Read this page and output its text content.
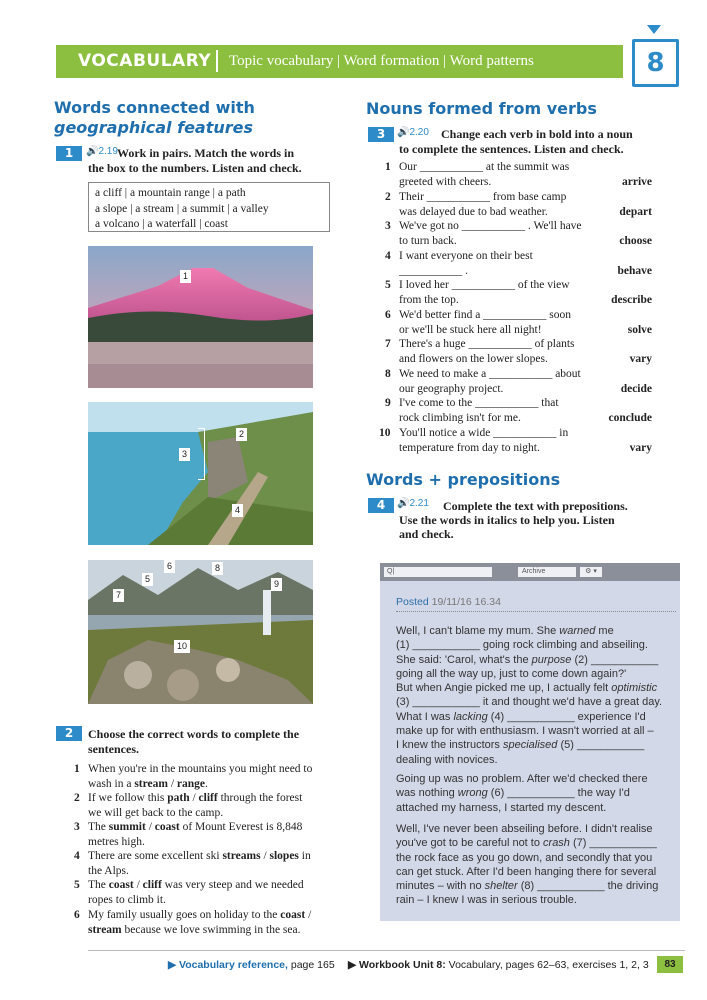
VOCABULARY Topic vocabulary | Word formation | Word patterns	8
Words connected with
geographical features
1	🔊2.19 Work in pairs. Match the words in
the box to the numbers. Listen and check.
a cliff | a mountain range | a path
a slope | a stream | a summit | a valley
a volcano | a waterfall | coast
1
2
3
4
6
5
8
9
7
10
2	Choose the correct words to complete the
sentences.
1 When you're in the mountains you might need to
wash in a stream / range.
2 If we follow this path / cliff through the forest
we will get back to the camp.
3 The summit / coast of Mount Everest is 8,848
metres high.
4 There are some excellent ski streams / slopes in
the Alps.
5 The coast / cliff was very steep and we needed
ropes to climb it.
6 My family usually goes on holiday to the coast /
stream because we love swimming in the sea.
Nouns formed from verbs
3	🔊2.20 Change each verb in bold into a noun
to complete the sentences. Listen and check.
1 Our ___________ at the summit was
greeted with cheers.	arrive
2 Their ___________ from base camp
was delayed due to bad weather.	depart
3 We've got no ___________ . We'll have
to turn back.	choose
4 I want everyone on their best
___________ .	behave
5 I loved her ___________ of the view
from the top.	describe
6 We'd better find a ___________ soon
or we'll be stuck here all night!	solve
7 There's a huge ___________ of plants
and flowers on the lower slopes.	vary
8 We need to make a ___________ about
our geography project.	decide
9 I've come to the ___________ that
rock climbing isn't for me.	conclude
10 You'll notice a wide ___________ in
temperature from day to night.	vary
Words + prepositions
4	🔊2.21 Complete the text with prepositions.
Use the words in italics to help you. Listen
and check.
Q|	Archive	⚙ ▾
Posted 19/11/16 16.34
Well, I can't blame my mum. She warned me
(1) ___________ going rock climbing and abseiling.
She said: 'Carol, what's the purpose (2) ___________
going all the way up, just to come down again?'
But when Angie picked me up, I actually felt optimistic
(3) ___________ it and thought we'd have a great day.
What I was lacking (4) ___________ experience I'd
make up for with enthusiasm. I wasn't worried at all –
I knew the instructors specialised (5) ___________
dealing with novices.
Going up was no problem. After we'd checked there
was nothing wrong (6) ___________ the way I'd
attached my harness, I started my descent.
Well, I've never been abseiling before. I didn't realise
you've got to be careful not to crash (7) ___________
the rock face as you go down, and secondly that you
can get stuck. After I'd been hanging there for several
minutes – with no shelter (8) ___________ the driving
rain – I knew I was in serious trouble.
▶ Vocabulary reference, page 165 ▶ Workbook Unit 8: Vocabulary, pages 62–63, exercises 1, 2, 3	83
